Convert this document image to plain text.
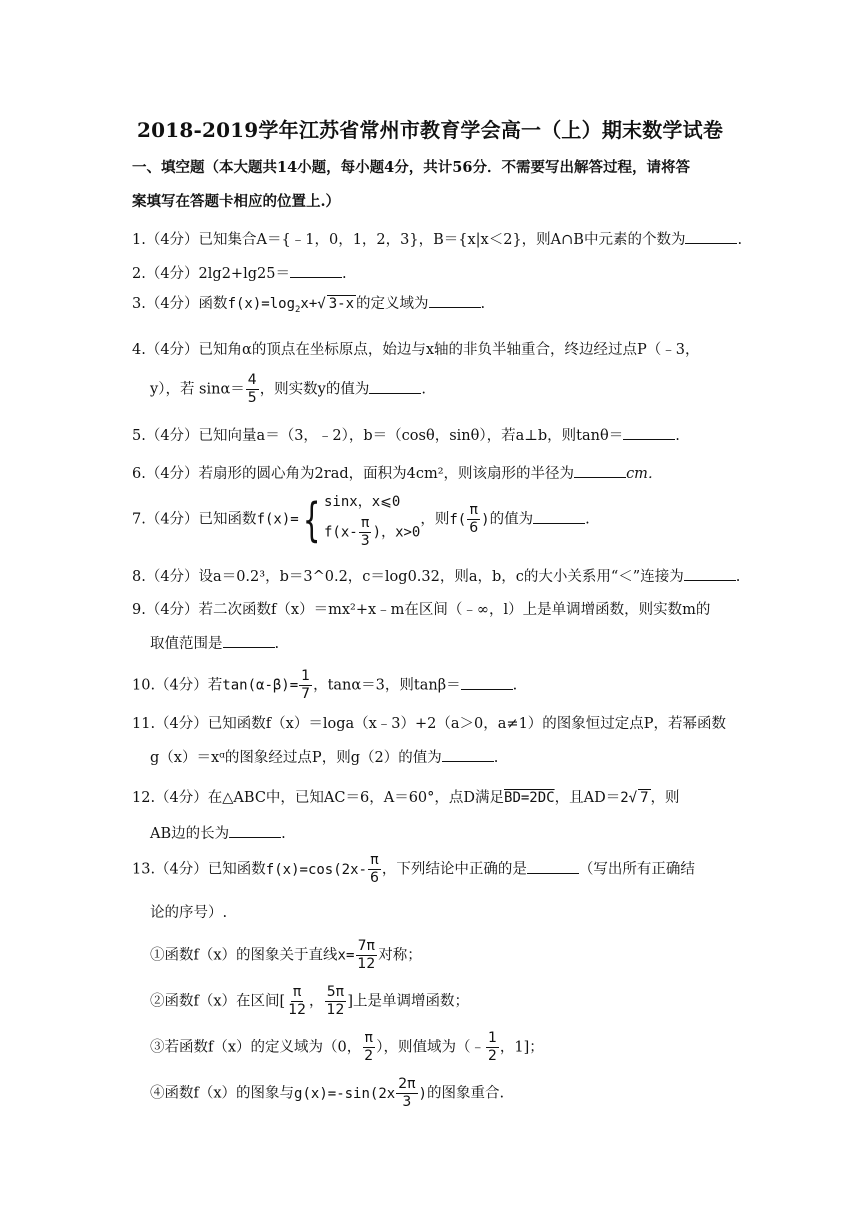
2018-2019学年江苏省常州市教育学会高一（上）期末数学试卷
一、填空题（本大题共14小题，每小题4分，共计56分．不需要写出解答过程，请将答
案填写在答题卡相应的位置上.）
1.（4分）已知集合A＝{﹣1，0，1，2，3}，B＝{x|x＜2}，则A∩B中元素的个数为	.
2.（4分）2lg2+lg25＝	.
3.（4分）函数$f(x)=\log_2x+√$ 3-x 的定义域为	.
4.（4分）已知角α的顶点在坐标原点，始边与x轴的非负半轴重合，终边经过点P（﹣3，
y），若 $\sin\alpha= \frac{4}{5}$ ，则实数y的值为	.
5.（4分）已知向量a＝（3，﹣2），b＝（cosθ，sinθ），若a⊥b，则tanθ＝	.
6.（4分）若扇形的圆心角为2rad，面积为4cm²，则该扇形的半径为	cm．
7.（4分）已知函数f(x)={ sinx，x⩽0
$f(x- \frac{\pi}{3}$ )，x>0
，则$f( \frac{\pi}{6}$ )的值为	.
8.（4分）设a＝0.2³，b＝3^0.2，c＝log0.32，则a，b，c的大小关系用“＜”连接为	.
9.（4分）若二次函数f（x）＝mx²+x﹣m在区间（﹣∞，l）上是单调增函数，则实数m的
取值范围是	.
10.（4分）若$\tan(\alpha-\beta)= \frac{1}{7}$ ，tanα＝3，则tanβ＝	.
11.（4分）已知函数f（x）＝loga（x﹣3）+2（a＞0，a≠1）的图象恒过定点P，若幂函数
g（x）＝xᵅ的图象经过点P，则g（2）的值为	.
12.（4分）在△ABC中，已知AC＝6，A＝60°，点D满足BD=2DC，且AD＝2√ 7 ，则
AB边的长为	.
13.（4分）已知函数$f(x)=\cos(2x- \frac{\pi}{6}$ ，下列结论中正确的是	（写出所有正确结
论的序号）.
①函数f（x）的图象关于直线$x= \frac{7\pi}{12}$ 对称；
②函数f（x）在区间[ $\frac{\pi}{12}$ ， $\frac{5\pi}{12}$ ]上是单调增函数；
③若函数f（x）的定义域为（0， $\frac{\pi}{2}$ ），则值域为（﹣ $\frac{1}{2}$ ，1]；
④函数f（x）的图象与$g(x)=-\sin(2x \frac{2\pi}{3}$ )的图象重合.
